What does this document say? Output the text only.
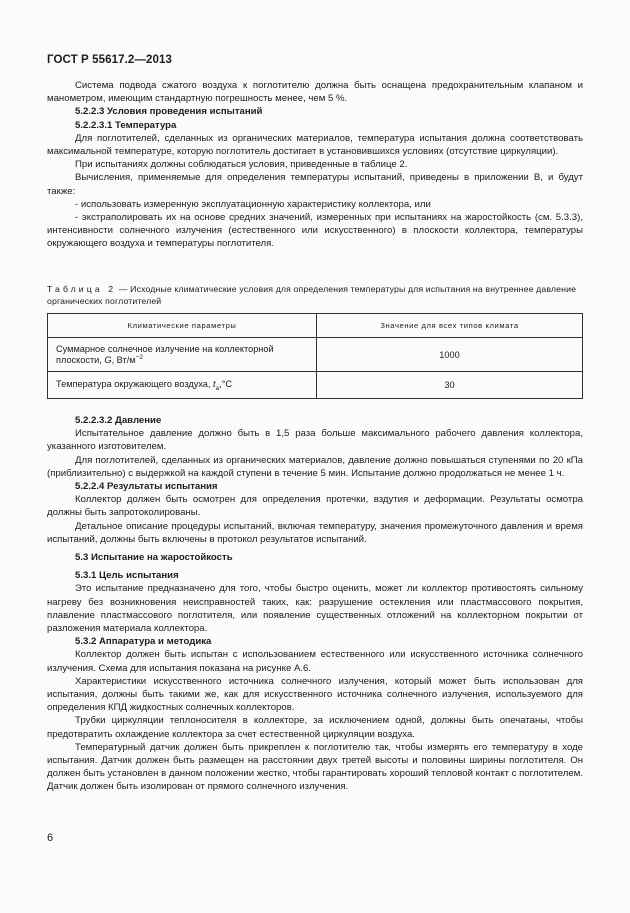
ГОСТ Р 55617.2—2013

Система подвода сжатого воздуха к поглотителю должна быть оснащена предохранительным клапаном и манометром, имеющим стандартную погрешность менее, чем 5 %.

5.2.2.3 Условия проведения испытаний

5.2.2.3.1 Температура

Для поглотителей, сделанных из органических материалов, температура испытания должна соответствовать максимальной температуре, которую поглотитель достигает в установившихся условиях (отсутствие циркуляции).

При испытаниях должны соблюдаться условия, приведенные в таблице 2.

Вычисления, применяемые для определения температуры испытаний, приведены в приложении В, и будут также:

- использовать измеренную эксплуатационную характеристику коллектора, или

- экстраполировать их на основе средних значений, измеренных при испытаниях на жаростойкость (см. 5.3.3), интенсивности солнечного излучения (естественного или искусственного) в плоскости коллектора, температуры окружающего воздуха и температуры поглотителя.

Таблица 2 — Исходные климатические условия для определения температуры для испытания на внутреннее давление органических поглотителей
Климатические параметры	Значение для всех типов климата
Суммарное солнечное излучение на коллекторной плоскости, G, $Вт/м^{-2}$	1000
Температура окружающего воздуха, $t_a,^\circ C$	30

5.2.2.3.2 Давление

Испытательное давление должно быть в 1,5 раза больше максимального рабочего давления коллектора, указанного изготовителем.

Для поглотителей, сделанных из органических материалов, давление должно повышаться ступенями по 20 кПа (приблизительно) с выдержкой на каждой ступени в течение 5 мин. Испытание должно продолжаться не менее 1 ч.

5.2.2.4 Результаты испытания

Коллектор должен быть осмотрен для определения протечки, вздутия и деформации. Результаты осмотра должны быть запротоколированы.

Детальное описание процедуры испытаний, включая температуру, значения промежуточного давления и время испытаний, должны быть включены в протокол результатов испытаний.

5.3 Испытание на жаростойкость

5.3.1 Цель испытания

Это испытание предназначено для того, чтобы быстро оценить, может ли коллектор противостоять сильному нагреву без возникновения неисправностей таких, как: разрушение остекления или пластмассового покрытия, плавление пластмассового поглотителя, или появление существенных отложений на коллекторном покрытии от разложения материала коллектора.

5.3.2 Аппаратура и методика

Коллектор должен быть испытан с использованием естественного или искусственного источника солнечного излучения. Схема для испытания показана на рисунке А.6.

Характеристики искусственного источника солнечного излучения, который может быть использован для испытания, должны быть такими же, как для искусственного источника солнечного излучения, используемого для определения КПД жидкостных солнечных коллекторов.

Трубки циркуляции теплоносителя в коллекторе, за исключением одной, должны быть опечатаны, чтобы предотвратить охлаждение коллектора за счет естественной циркуляции воздуха.

Температурный датчик должен быть прикреплен к поглотителю так, чтобы измерять его температуру в ходе испытания. Датчик должен быть размещен на расстоянии двух третей высоты и половины ширины поглотителя. Он должен быть установлен в данном положении жестко, чтобы гарантировать хороший тепловой контакт с поглотителем. Датчик должен быть изолирован от прямого солнечного излучения.

6
